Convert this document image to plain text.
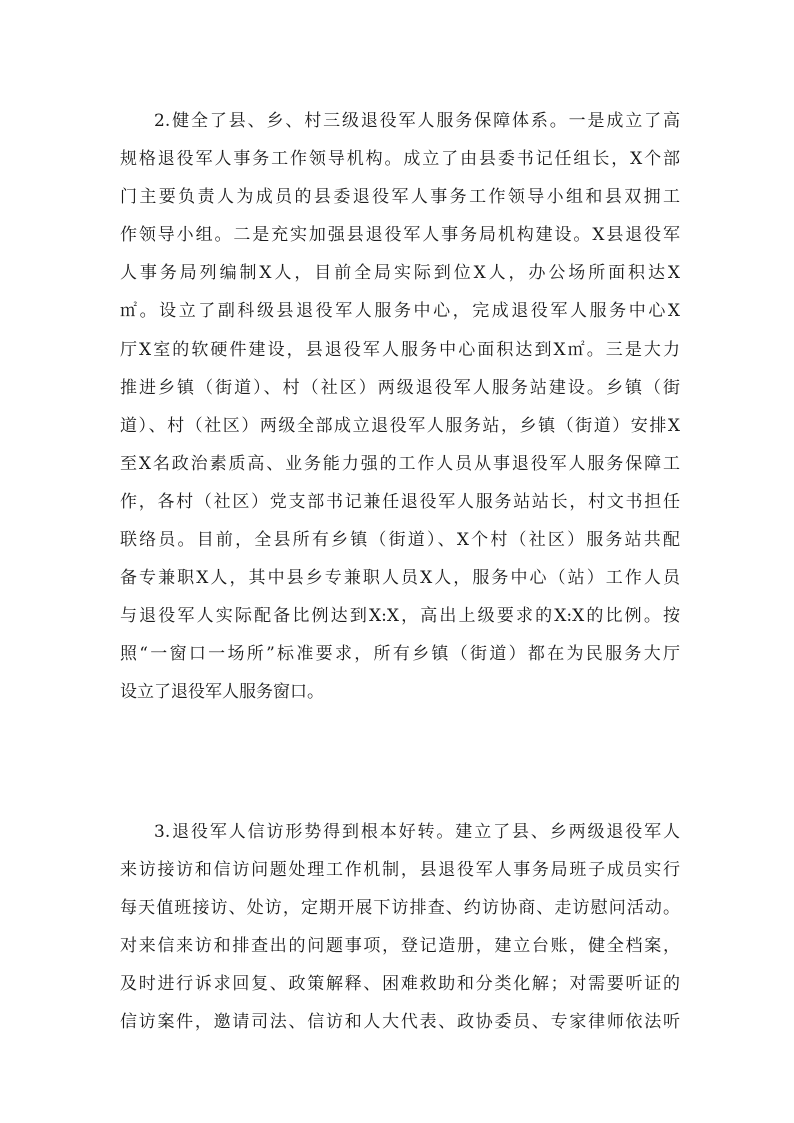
2.健全了县、乡、村三级退役军人服务保障体系。一是成立了高
规格退役军人事务工作领导机构。成立了由县委书记任组长，X个部
门主要负责人为成员的县委退役军人事务工作领导小组和县双拥工
作领导小组。二是充实加强县退役军人事务局机构建设。X县退役军
人事务局列编制X人，目前全局实际到位X人，办公场所面积达X
㎡。设立了副科级县退役军人服务中心，完成退役军人服务中心X
厅X室的软硬件建设，县退役军人服务中心面积达到X㎡。三是大力
推进乡镇（街道）、村（社区）两级退役军人服务站建设。乡镇（街
道）、村（社区）两级全部成立退役军人服务站，乡镇（街道）安排X
至X名政治素质高、业务能力强的工作人员从事退役军人服务保障工
作，各村（社区）党支部书记兼任退役军人服务站站长，村文书担任
联络员。目前，全县所有乡镇（街道）、X个村（社区）服务站共配
备专兼职X人，其中县乡专兼职人员X人，服务中心（站）工作人员
与退役军人实际配备比例达到X:X，高出上级要求的X:X的比例。按
照“一窗口一场所”标准要求，所有乡镇（街道）都在为民服务大厅
设立了退役军人服务窗口。
3.退役军人信访形势得到根本好转。建立了县、乡两级退役军人
来访接访和信访问题处理工作机制，县退役军人事务局班子成员实行
每天值班接访、处访，定期开展下访排查、约访协商、走访慰问活动。
对来信来访和排查出的问题事项，登记造册，建立台账，健全档案，
及时进行诉求回复、政策解释、困难救助和分类化解；对需要听证的
信访案件，邀请司法、信访和人大代表、政协委员、专家律师依法听
